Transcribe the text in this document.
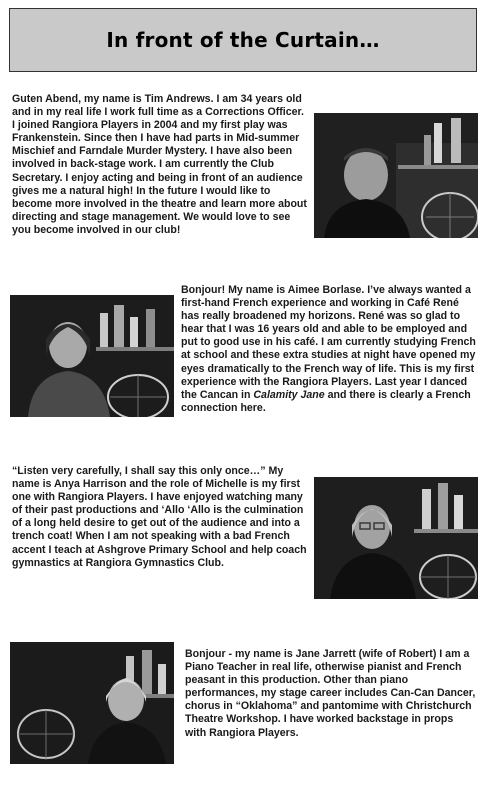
In front of the Curtain…

Guten Abend, my name is Tim Andrews. I am 34 years old and in my real life I work full time as a Corrections Officer. I joined Rangiora Players in 2004 and my first play was Frankenstein. Since then I have had parts in Mid-summer Mischief and Farndale Murder Mystery. I have also been involved in back-stage work. I am currently the Club Secretary. I enjoy acting and being in front of an audience gives me a natural high! In the future I would like to become more involved in the theatre and learn more about directing and stage management. We would love to see you become involved in our club!

Bonjour! My name is Aimee Borlase. I’ve always wanted a first-hand French experience and working in Café René has really broadened my horizons. René was so glad to hear that I was 16 years old and able to be employed and put to good use in his café. I am currently studying French at school and these extra studies at night have opened my eyes dramatically to the French way of life. This is my first experience with the Rangiora Players. Last year I danced the Cancan in Calamity Jane and there is clearly a French connection here.

“Listen very carefully, I shall say this only once…” My name is Anya Harrison and the role of Michelle is my first one with Rangiora Players. I have enjoyed watching many of their past productions and ‘Allo ‘Allo is the culmination of a long held desire to get out of the audience and into a trench coat! When I am not speaking with a bad French accent I teach at Ashgrove Primary School and help coach gymnastics at Rangiora Gymnastics Club.

Bonjour - my name is Jane Jarrett (wife of Robert) I am a Piano Teacher in real life, otherwise pianist and French peasant in this production. Other than piano performances, my stage career includes Can-Can Dancer, chorus in “Oklahoma” and pantomime with Christchurch Theatre Workshop. I have worked backstage in props with Rangiora Players.
